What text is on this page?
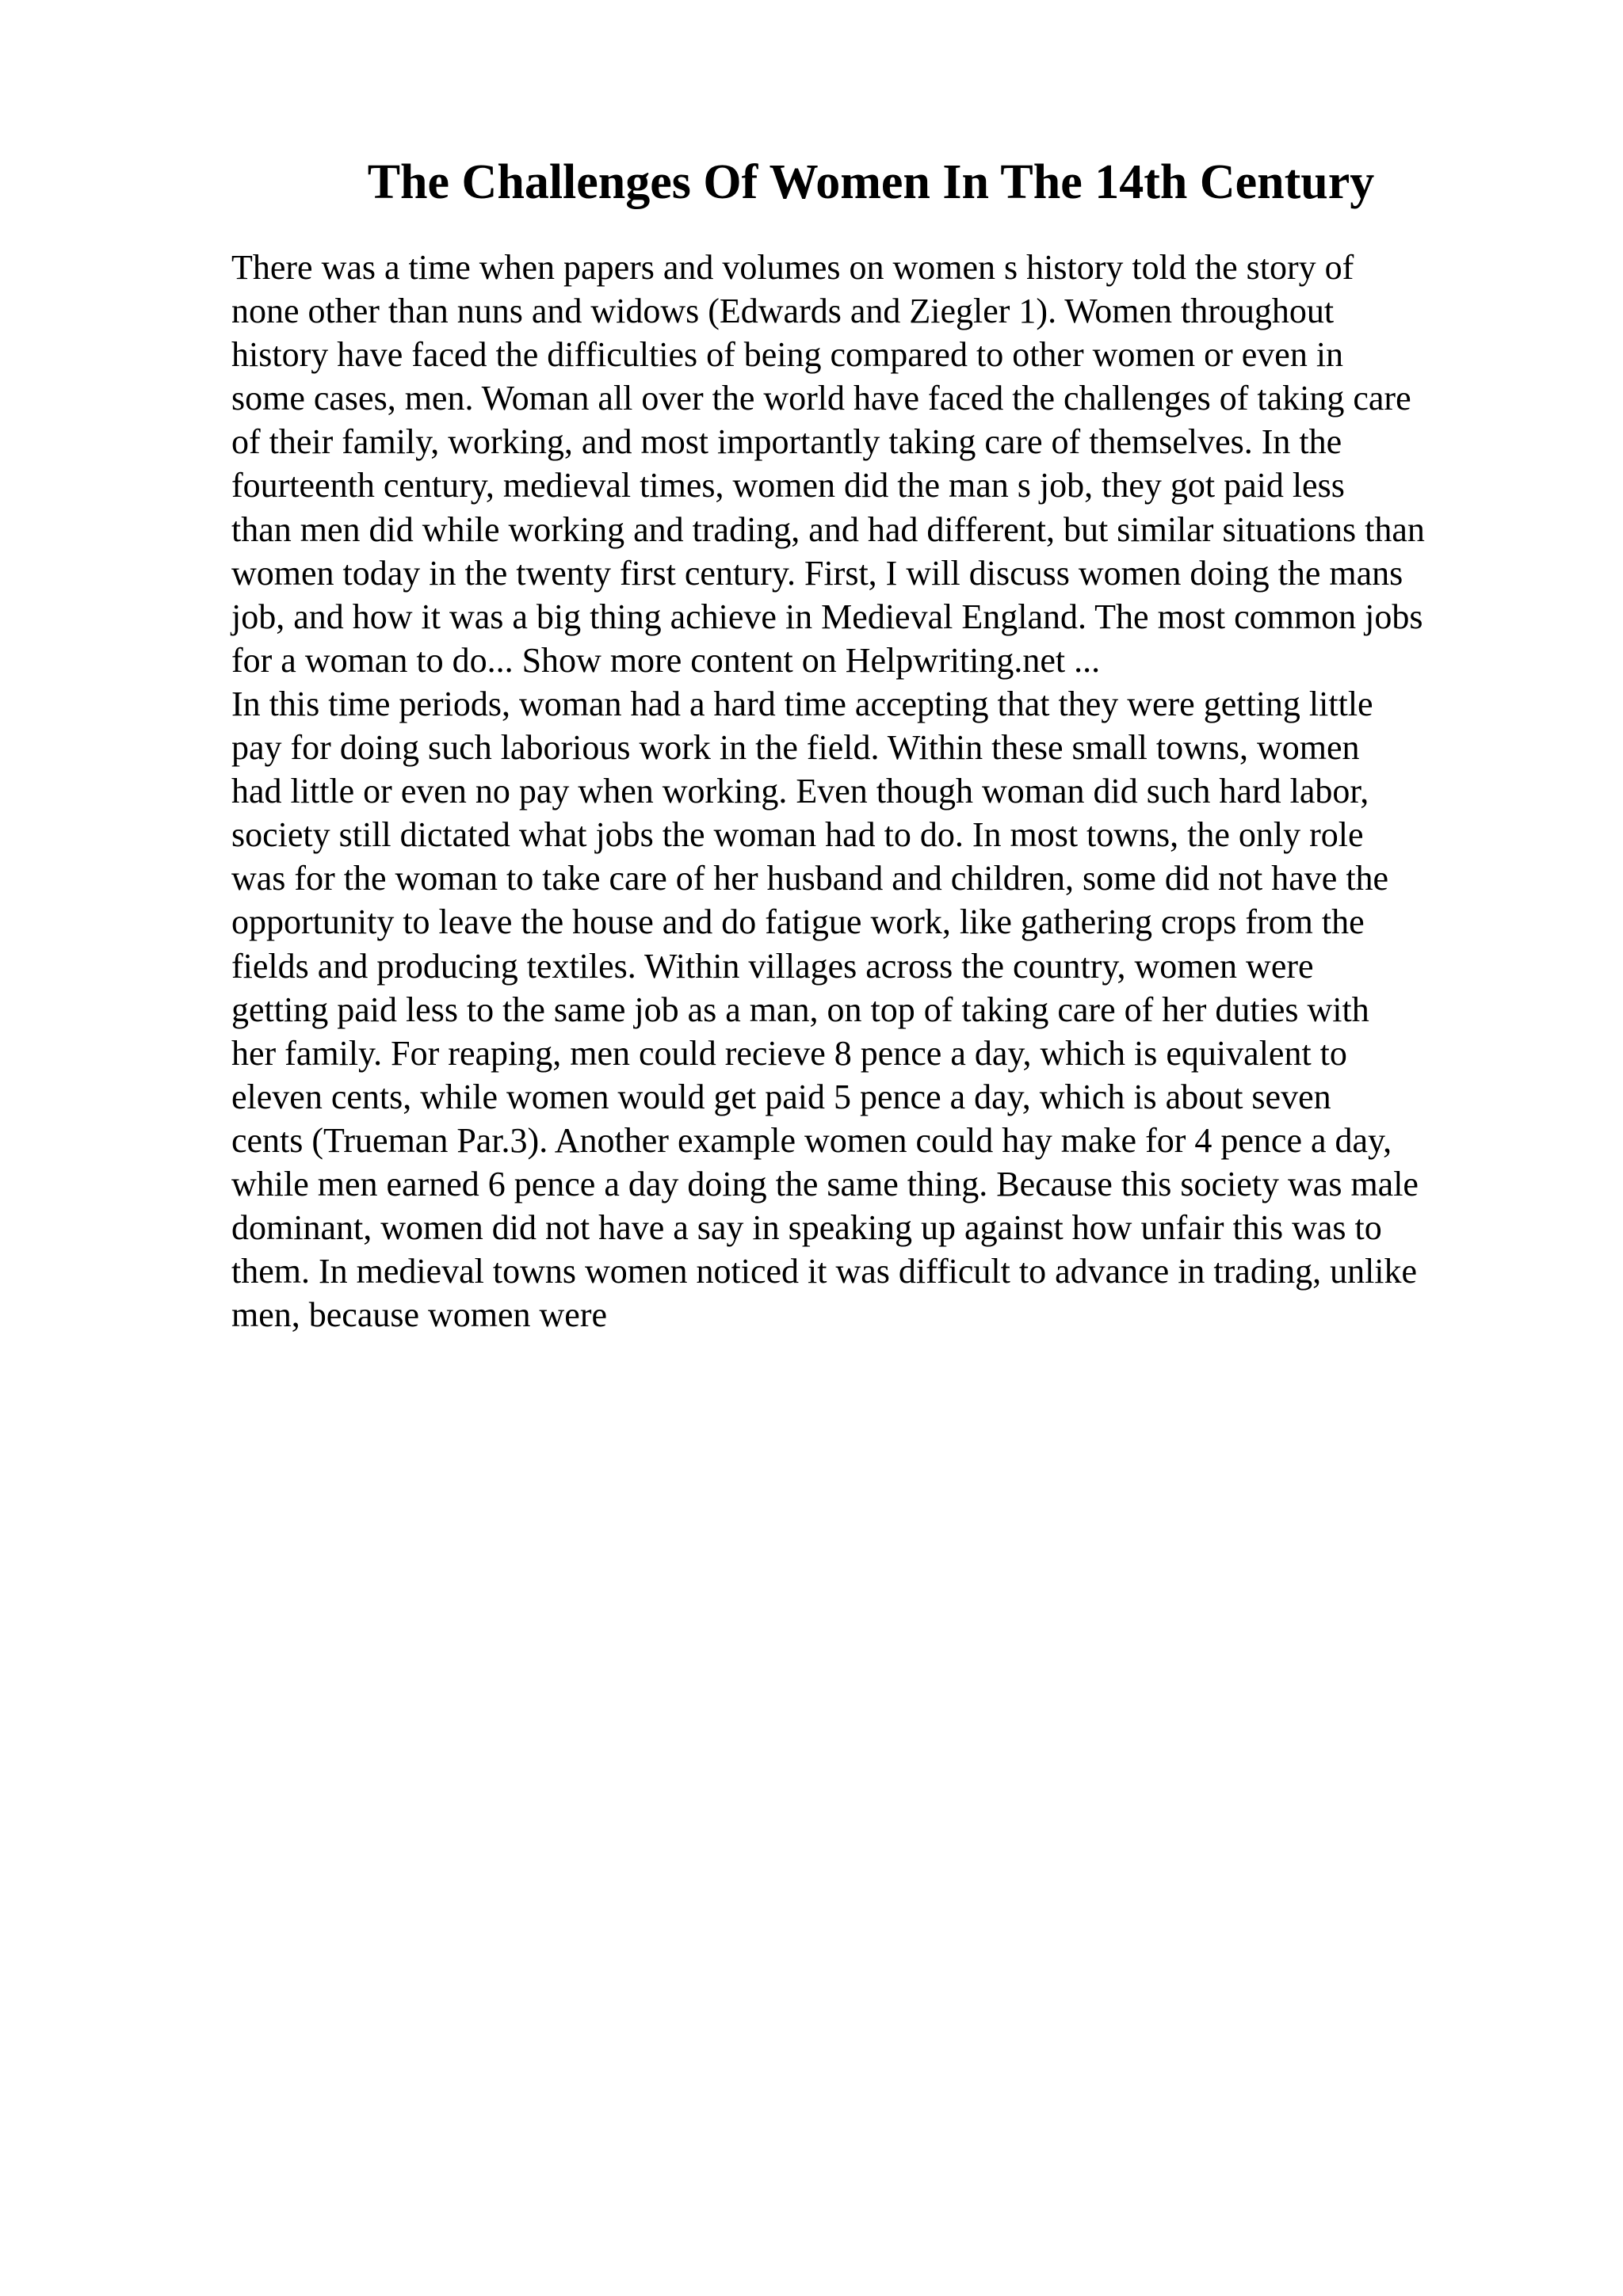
The Challenges Of Women In The 14th Century
There was a time when papers and volumes on women s history told the story of
none other than nuns and widows (Edwards and Ziegler 1). Women throughout
history have faced the difficulties of being compared to other women or even in
some cases, men. Woman all over the world have faced the challenges of taking care
of their family, working, and most importantly taking care of themselves. In the
fourteenth century, medieval times, women did the man s job, they got paid less
than men did while working and trading, and had different, but similar situations than
women today in the twenty first century. First, I will discuss women doing the mans
job, and how it was a big thing achieve in Medieval England. The most common jobs
for a woman to do... Show more content on Helpwriting.net ...
In this time periods, woman had a hard time accepting that they were getting little
pay for doing such laborious work in the field. Within these small towns, women
had little or even no pay when working. Even though woman did such hard labor,
society still dictated what jobs the woman had to do. In most towns, the only role
was for the woman to take care of her husband and children, some did not have the
opportunity to leave the house and do fatigue work, like gathering crops from the
fields and producing textiles. Within villages across the country, women were
getting paid less to the same job as a man, on top of taking care of her duties with
her family. For reaping, men could recieve 8 pence a day, which is equivalent to
eleven cents, while women would get paid 5 pence a day, which is about seven
cents (Trueman Par.3). Another example women could hay make for 4 pence a day,
while men earned 6 pence a day doing the same thing. Because this society was male
dominant, women did not have a say in speaking up against how unfair this was to
them. In medieval towns women noticed it was difficult to advance in trading, unlike
men, because women were
